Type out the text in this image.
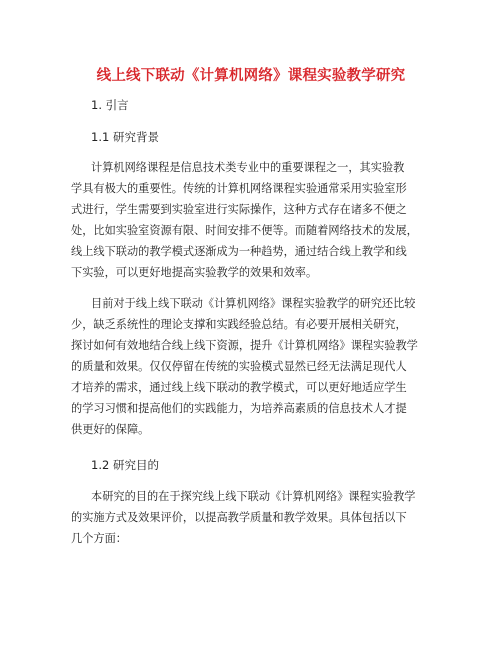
线上线下联动《计算机网络》课程实验教学研究
1. 引言
1.1 研究背景
计算机网络课程是信息技术类专业中的重要课程之一，其实验教
学具有极大的重要性。传统的计算机网络课程实验通常采用实验室形
式进行，学生需要到实验室进行实际操作，这种方式存在诸多不便之
处，比如实验室资源有限、时间安排不便等。而随着网络技术的发展，
线上线下联动的教学模式逐渐成为一种趋势，通过结合线上教学和线
下实验，可以更好地提高实验教学的效果和效率。
目前对于线上线下联动《计算机网络》课程实验教学的研究还比较
少，缺乏系统性的理论支撑和实践经验总结。有必要开展相关研究，
探讨如何有效地结合线上线下资源，提升《计算机网络》课程实验教学
的质量和效果。仅仅停留在传统的实验模式显然已经无法满足现代人
才培养的需求，通过线上线下联动的教学模式，可以更好地适应学生
的学习习惯和提高他们的实践能力，为培养高素质的信息技术人才提
供更好的保障。
1.2 研究目的
本研究的目的在于探究线上线下联动《计算机网络》课程实验教学
的实施方式及效果评价，以提高教学质量和教学效果。具体包括以下
几个方面：
